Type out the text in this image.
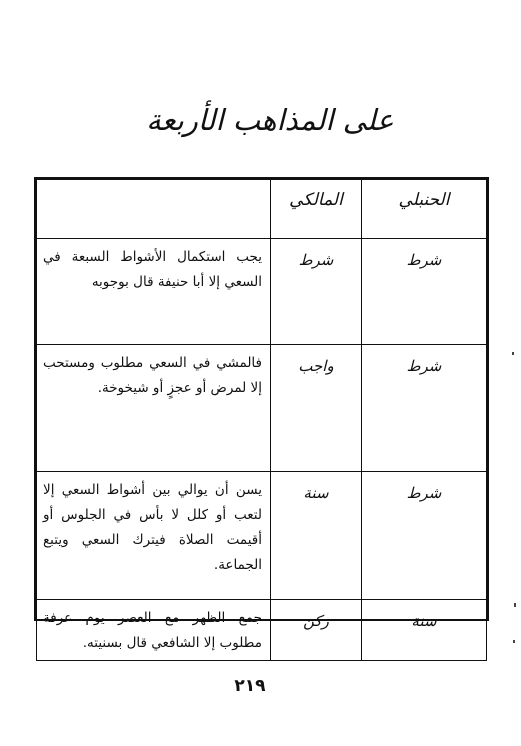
على المذاهب الأربعة
الحنبلي	المالكي	
شرط	شرط	يجب استكمال الأشواط السبعة في السعي إلا أبا حنيفة قال بوجوبه
شرط	واجب	فالمشي في السعي مطلوب ومستحب إلا لمرض أو عجزٍ أو شيخوخة.
شرط	سنة	يسن أن يوالي بين أشواط السعي إلا لتعب أو كلل لا بأس في الجلوس أو أقيمت الصلاة فيترك السعي ويتبع الجماعة.
سنة	ركن	جمع الظهر مع العصر يوم عرفة مطلوب إلا الشافعي قال بسنيته.
٢١٩
